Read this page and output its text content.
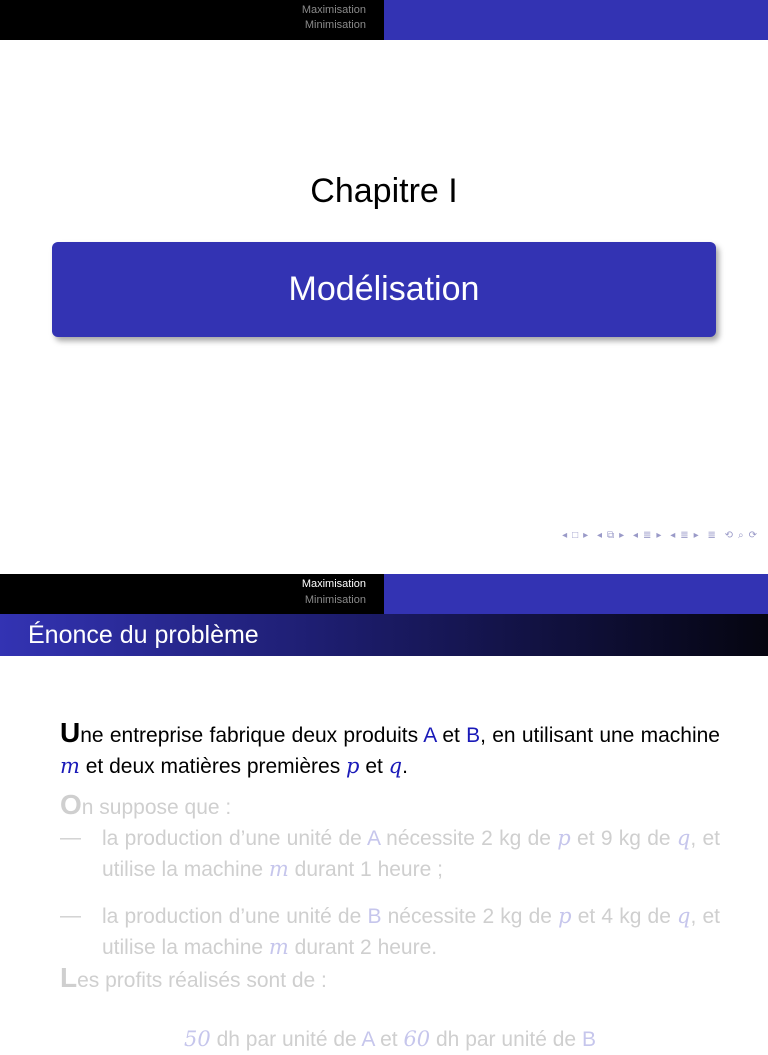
Maximisation
Minimisation
Chapitre I
Modélisation
◂ □ ▸ ◂ ⧉ ▸ ◂ ≣ ▸ ◂ ≣ ▸ ≣ ⟲ ⌕ ⟳
Maximisation
Minimisation
Énonce du problème

Une entreprise fabrique deux produits A et B, en utilisant une machine m et deux matières premières p et q.

On suppose que :

— la production d’une unité de A nécessite 2 kg de p et 9 kg de q, et utilise la machine m durant 1 heure ;

— la production d’une unité de B nécessite 2 kg de p et 4 kg de q, et utilise la machine m durant 2 heure.

Les profits réalisés sont de :

50 dh par unité de A et 60 dh par unité de B
